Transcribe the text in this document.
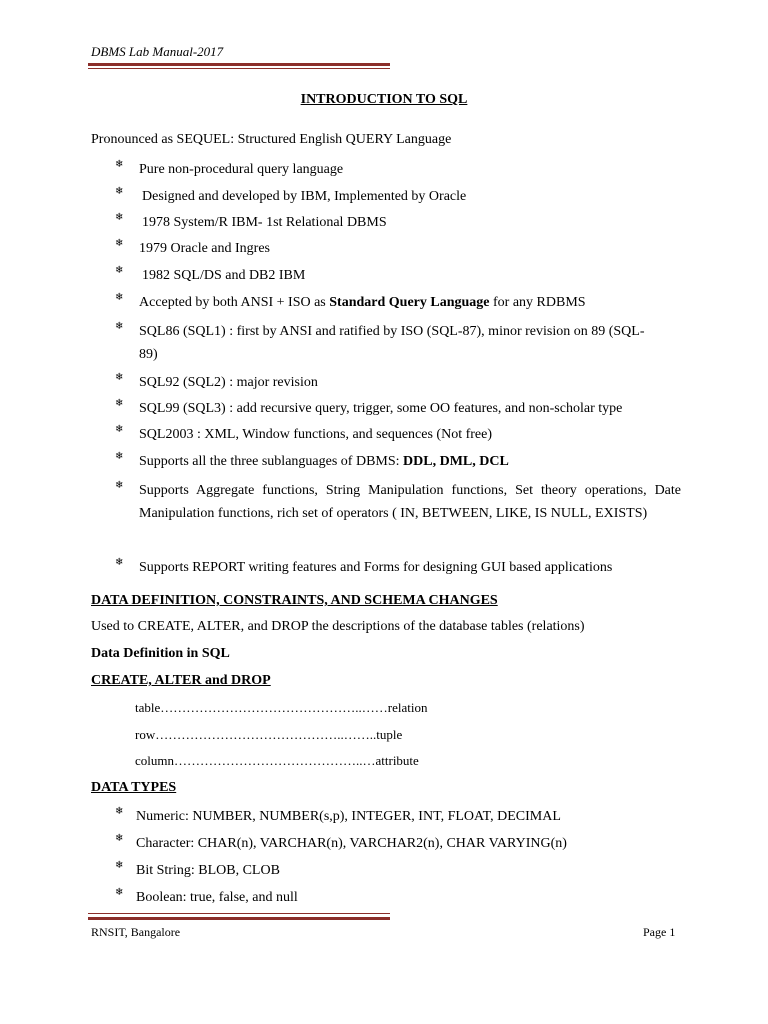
DBMS Lab Manual-2017
INTRODUCTION TO SQL
Pronounced as SEQUEL: Structured English QUERY Language
❄ Pure non-procedural query language
❄ Designed and developed by IBM, Implemented by Oracle
❄ 1978 System/R IBM- 1st Relational DBMS
❄ 1979 Oracle and Ingres
❄ 1982 SQL/DS and DB2 IBM
❄ Accepted by both ANSI + ISO as Standard Query Language for any RDBMS
❄ SQL86 (SQL1) : first by ANSI and ratified by ISO (SQL-87), minor revision on 89 (SQL-89)
❄ SQL92 (SQL2) : major revision
❄ SQL99 (SQL3) : add recursive query, trigger, some OO features, and non-scholar type
❄ SQL2003 : XML, Window functions, and sequences (Not free)
❄ Supports all the three sublanguages of DBMS: DDL, DML, DCL
❄ Supports Aggregate functions, String Manipulation functions, Set theory operations, Date Manipulation functions, rich set of operators ( IN, BETWEEN, LIKE, IS NULL, EXISTS)
❄ Supports REPORT writing features and Forms for designing GUI based applications
DATA DEFINITION, CONSTRAINTS, AND SCHEMA CHANGES
Used to CREATE, ALTER, and DROP the descriptions of the database tables (relations)
Data Definition in SQL
CREATE, ALTER and DROP
table………………………………………..……relation
row……………………………………..……..tuple
column……………………………………..…attribute
DATA TYPES
❄ Numeric: NUMBER, NUMBER(s,p), INTEGER, INT, FLOAT, DECIMAL
❄ Character: CHAR(n), VARCHAR(n), VARCHAR2(n), CHAR VARYING(n)
❄ Bit String: BLOB, CLOB
❄ Boolean: true, false, and null
RNSIT, Bangalore	Page 1
